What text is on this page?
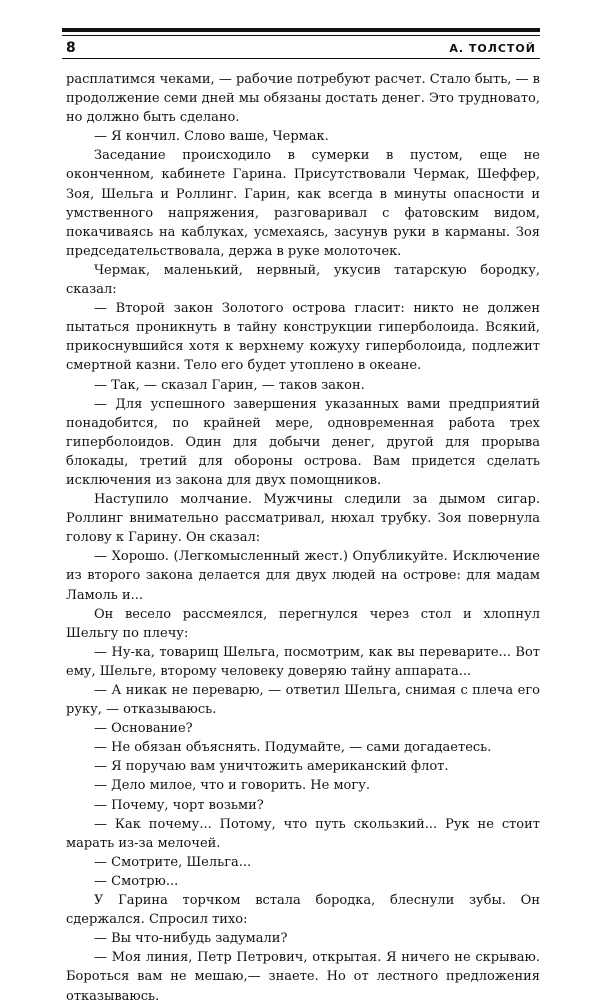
8	А. ТОЛСТОЙ

расплатимся чеками, — рабочие потребуют расчет. Стало быть, — в продолжение семи дней мы обязаны достать денег. Это трудновато, но должно быть сделано.

— Я кончил. Слово ваше, Чермак.

Заседание происходило в сумерки в пустом, еще не оконченном, кабинете Гарина. Присутствовали Чермак, Шеффер, Зоя, Шельга и Роллинг. Гарин, как всегда в минуты опасности и умственного напряжения, разговаривал с фатовским видом, покачиваясь на каблуках, усмехаясь, засунув руки в карманы. Зоя председательствовала, держа в руке молоточек.

Чермак, маленький, нервный, укусив татарскую бородку, сказал:

— Второй закон Золотого острова гласит: никто не должен пытаться проникнуть в тайну конструкции гиперболоида. Всякий, прикоснувшийся хотя к верхнему кожуху гиперболоида, подлежит смертной казни. Тело его будет утоплено в океане.

— Так, — сказал Гарин, — таков закон.

— Для успешного завершения указанных вами предприятий понадобится, по крайней мере, одновременная работа трех гиперболоидов. Один для добычи денег, другой для прорыва блокады, третий для обороны острова. Вам придется сделать исключения из закона для двух помощников.

Наступило молчание. Мужчины следили за дымом сигар. Роллинг внимательно рассматривал, нюхал трубку. Зоя повернула голову к Гарину. Он сказал:

— Хорошо. (Легкомысленный жест.) Опубликуйте. Исключение из второго закона делается для двух людей на острове: для мадам Ламоль и...

Он весело рассмеялся, перегнулся через стол и хлопнул Шельгу по плечу:

— Ну-ка, товарищ Шельга, посмотрим, как вы переварите... Вот ему, Шельге, второму человеку доверяю тайну аппарата...

— А никак не переварю, — ответил Шельга, снимая с плеча его руку, — отказываюсь.

— Основание?

— Не обязан объяснять. Подумайте, — сами догадаетесь.

— Я поручаю вам уничтожить американский флот.

— Дело милое, что и говорить. Не могу.

— Почему, чорт возьми?

— Как почему... Потому, что путь скользкий... Рук не стоит марать из-за мелочей.

— Смотрите, Шельга...

— Смотрю...

У Гарина торчком встала бородка, блеснули зубы. Он сдержался. Спросил тихо:

— Вы что-нибудь задумали?

— Моя линия, Петр Петрович, открытая. Я ничего не скрываю. Бороться вам не мешаю,— знаете. Но от лестного предложения отказываюсь.
